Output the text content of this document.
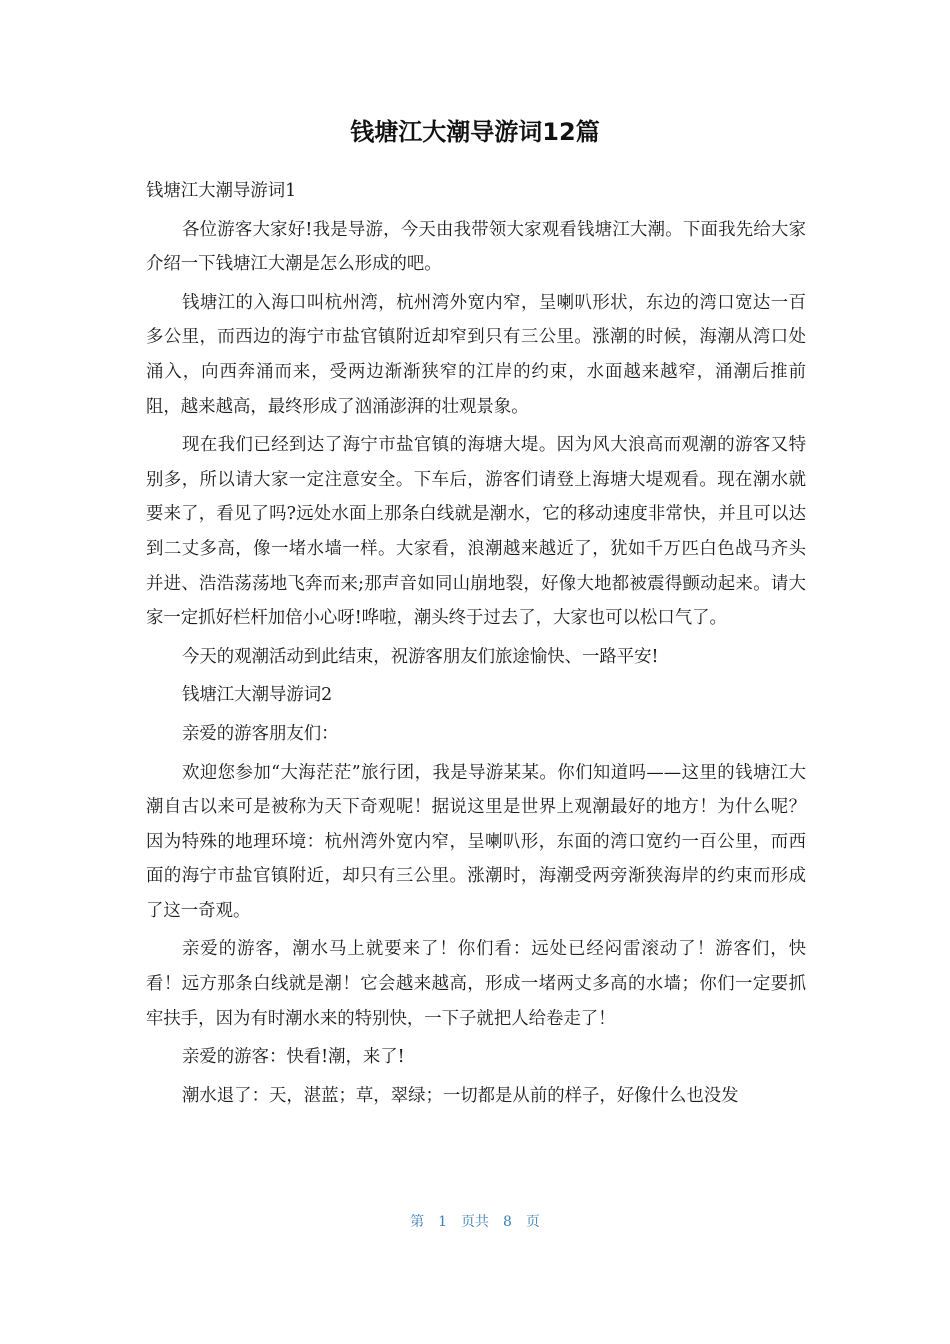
钱塘江大潮导游词12篇

钱塘江大潮导游词1

各位游客大家好!我是导游，今天由我带领大家观看钱塘江大潮。下面我先给大家介绍一下钱塘江大潮是怎么形成的吧。

钱塘江的入海口叫杭州湾，杭州湾外宽内窄，呈喇叭形状，东边的湾口宽达一百多公里，而西边的海宁市盐官镇附近却窄到只有三公里。涨潮的时候，海潮从湾口处涌入，向西奔涌而来，受两边渐渐狭窄的江岸的约束，水面越来越窄，涌潮后推前阻，越来越高，最终形成了汹涌澎湃的壮观景象。

现在我们已经到达了海宁市盐官镇的海塘大堤。因为风大浪高而观潮的游客又特别多，所以请大家一定注意安全。下车后，游客们请登上海塘大堤观看。现在潮水就要来了，看见了吗?远处水面上那条白线就是潮水，它的移动速度非常快，并且可以达到二丈多高，像一堵水墙一样。大家看，浪潮越来越近了，犹如千万匹白色战马齐头并进、浩浩荡荡地飞奔而来;那声音如同山崩地裂，好像大地都被震得颤动起来。请大家一定抓好栏杆加倍小心呀!哗啦，潮头终于过去了，大家也可以松口气了。

今天的观潮活动到此结束，祝游客朋友们旅途愉快、一路平安!

钱塘江大潮导游词2

亲爱的游客朋友们：

欢迎您参加“大海茫茫”旅行团，我是导游某某。你们知道吗——这里的钱塘江大潮自古以来可是被称为天下奇观呢！据说这里是世界上观潮最好的地方！为什么呢？因为特殊的地理环境：杭州湾外宽内窄，呈喇叭形，东面的湾口宽约一百公里，而西面的海宁市盐官镇附近，却只有三公里。涨潮时，海潮受两旁渐狭海岸的约束而形成了这一奇观。

亲爱的游客，潮水马上就要来了！你们看：远处已经闷雷滚动了！游客们，快看！远方那条白线就是潮！它会越来越高，形成一堵两丈多高的水墙；你们一定要抓牢扶手，因为有时潮水来的特别快，一下子就把人给卷走了！

亲爱的游客：快看!潮，来了!

潮水退了：天，湛蓝；草，翠绿；一切都是从前的样子，好像什么也没发

第 1 页共 8 页
